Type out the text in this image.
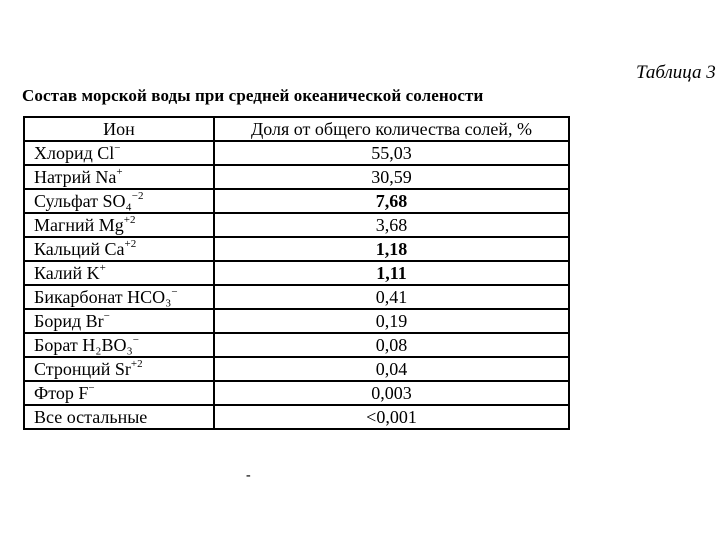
Таблица 3
Состав морской воды при средней океанической солености
Ион	Доля от общего количества солей, %
Хлорид Cl−	55,03
Натрий Na+	30,59
Сульфат SO₄$^{-2}$	7,68
Магний $Mg^{+2}$	3,68
Кальций $Ca^{+2}$	1,18
Калий K+	1,11
Бикарбонат HCO₃−	0,41
Борид Br−	0,19
Борат H₂BO₃−	0,08
Стронций $Sr^{+2}$	0,04
Фтор F−	0,003
Все остальные	<0,001
-
